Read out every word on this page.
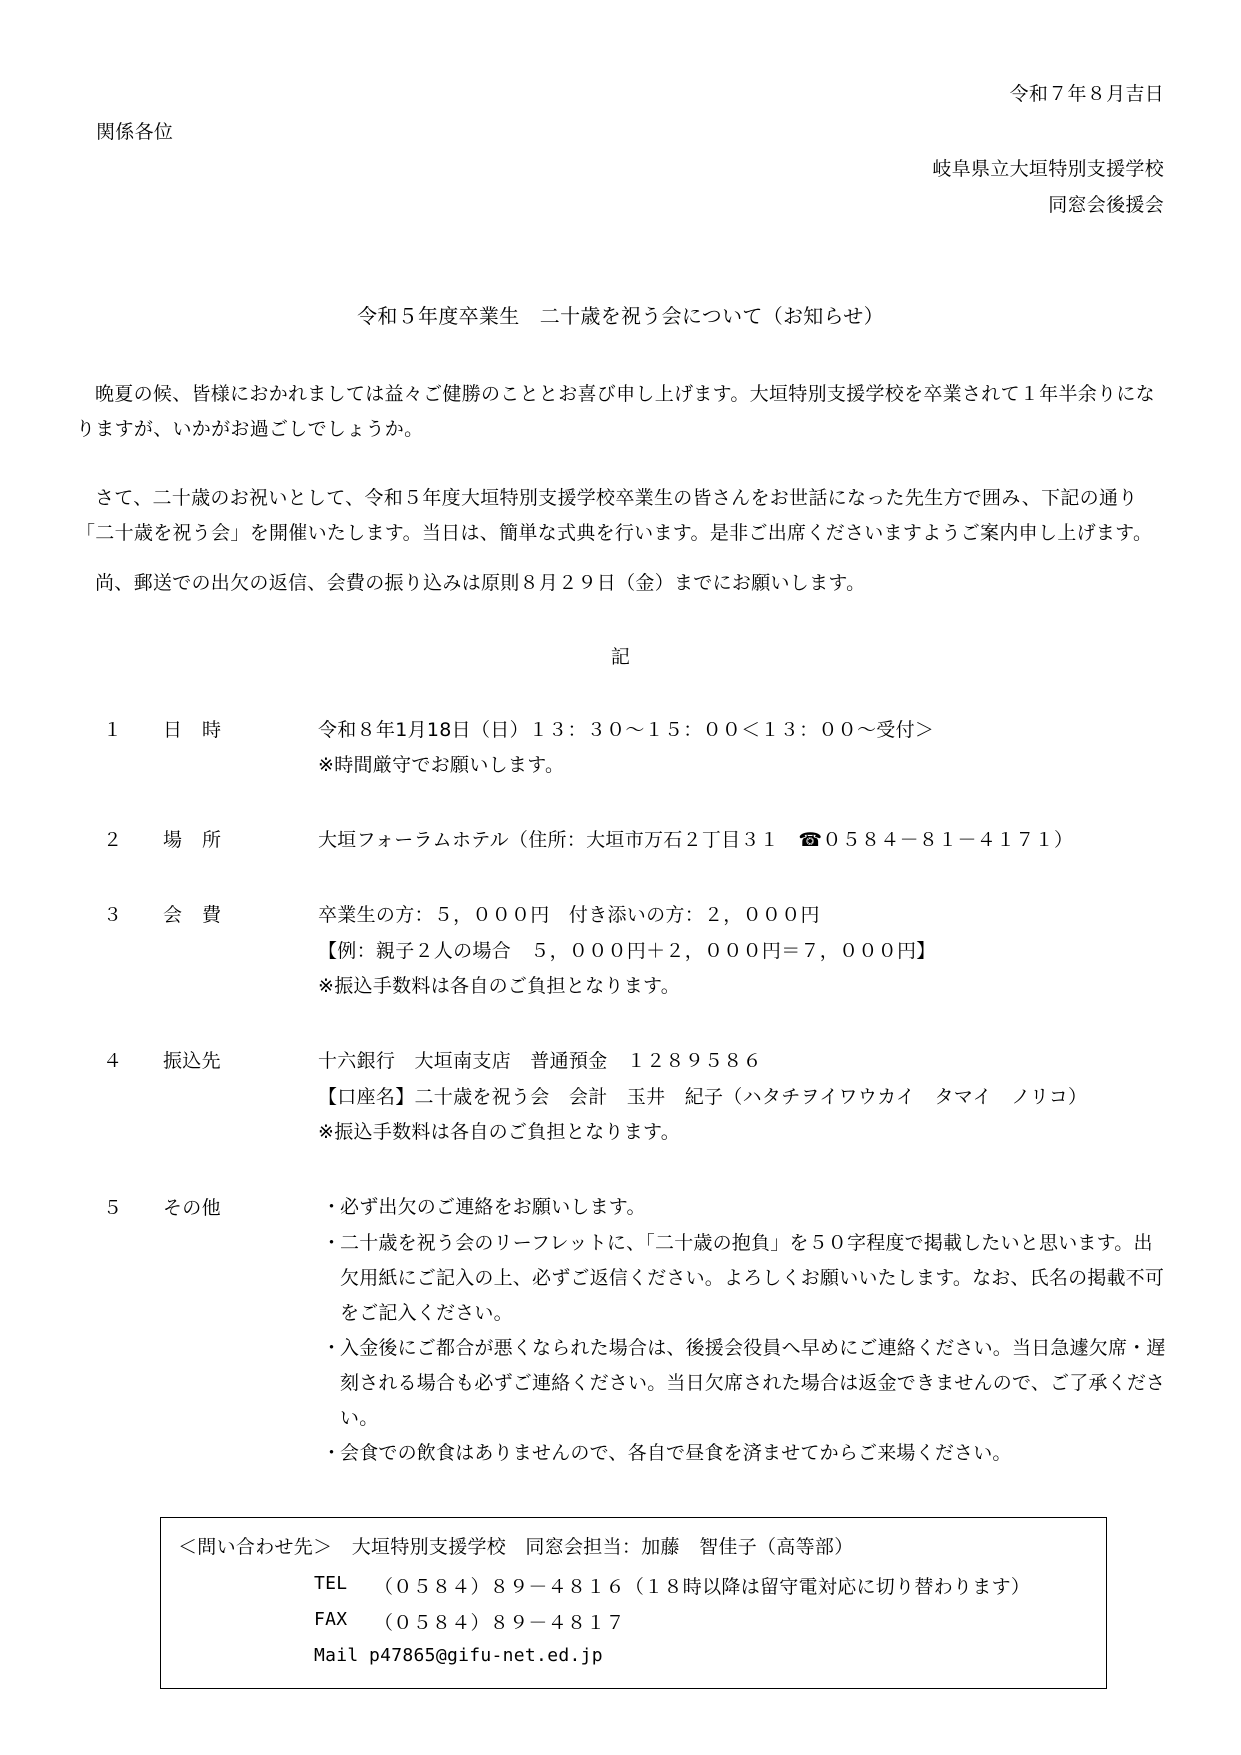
令和７年８月吉日
関係各位
岐阜県立大垣特別支援学校
同窓会後援会
令和５年度卒業生　二十歳を祝う会について（お知らせ）

晩夏の候、皆様におかれましては益々ご健勝のこととお喜び申し上げます。大垣特別支援学校を卒業されて１年半余りになりますが、いかがお過ごしでしょうか。

さて、二十歳のお祝いとして、令和５年度大垣特別支援学校卒業生の皆さんをお世話になった先生方で囲み、下記の通り「二十歳を祝う会」を開催いたします。当日は、簡単な式典を行います。是非ご出席くださいますようご案内申し上げます。

尚、郵送での出欠の返信、会費の振り込みは原則８月２９日（金）までにお願いします。

記
１ 日時	令和８年1月18日（日）１３：３０〜１５：００＜１３：００〜受付＞
※時間厳守でお願いします。
２ 場所	大垣フォーラムホテル（住所：大垣市万石２丁目３１　☎０５８４－８１－４１７１）
３ 会費	卒業生の方：５，０００円　付き添いの方：２，０００円
【例：親子２人の場合　５，０００円＋２，０００円＝７，０００円】
※振込手数料は各自のご負担となります。
４ 振込先	十六銀行　大垣南支店　普通預金　１２８９５８６
【口座名】二十歳を祝う会　会計　玉井　紀子（ハタチヲイワウカイ　タマイ　ノリコ）
※振込手数料は各自のご負担となります。
５ その他	・
必ず出欠のご連絡をお願いします。
・
二十歳を祝う会のリーフレットに、「二十歳の抱負」を５０字程度で掲載したいと思います。出欠用紙にご記入の上、必ずご返信ください。よろしくお願いいたします。なお、氏名の掲載不可をご記入ください。
・
入金後にご都合が悪くなられた場合は、後援会役員へ早めにご連絡ください。当日急遽欠席・遅刻される場合も必ずご連絡ください。当日欠席された場合は返金できませんので、ご了承ください。
・
会食での飲食はありませんので、各自で昼食を済ませてからご来場ください。
＜問い合わせ先＞　大垣特別支援学校　同窓会担当：加藤　智佳子（高等部）
TEL （０５８４）８９－４８１６（１８時以降は留守電対応に切り替わります）
FAX （０５８４）８９－４８１７
Mail p47865@gifu-net.ed.jp
